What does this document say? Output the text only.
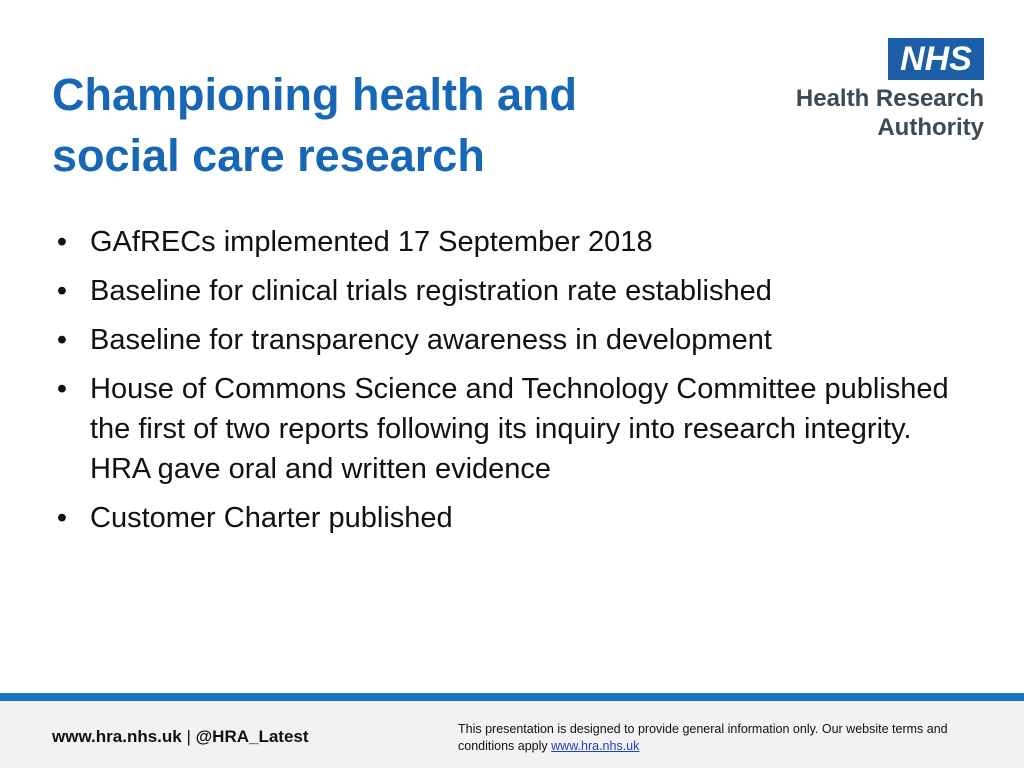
Championing health and social care research
NHS
Health Research
Authority
• GAfRECs implemented 17 September 2018
• Baseline for clinical trials registration rate established
• Baseline for transparency awareness in development
• House of Commons Science and Technology Committee published the first of two reports following its inquiry into research integrity. HRA gave oral and written evidence
• Customer Charter published
www.hra.nhs.uk | @HRA_Latest	This presentation is designed to provide general information only. Our website terms and conditions apply www.hra.nhs.uk
